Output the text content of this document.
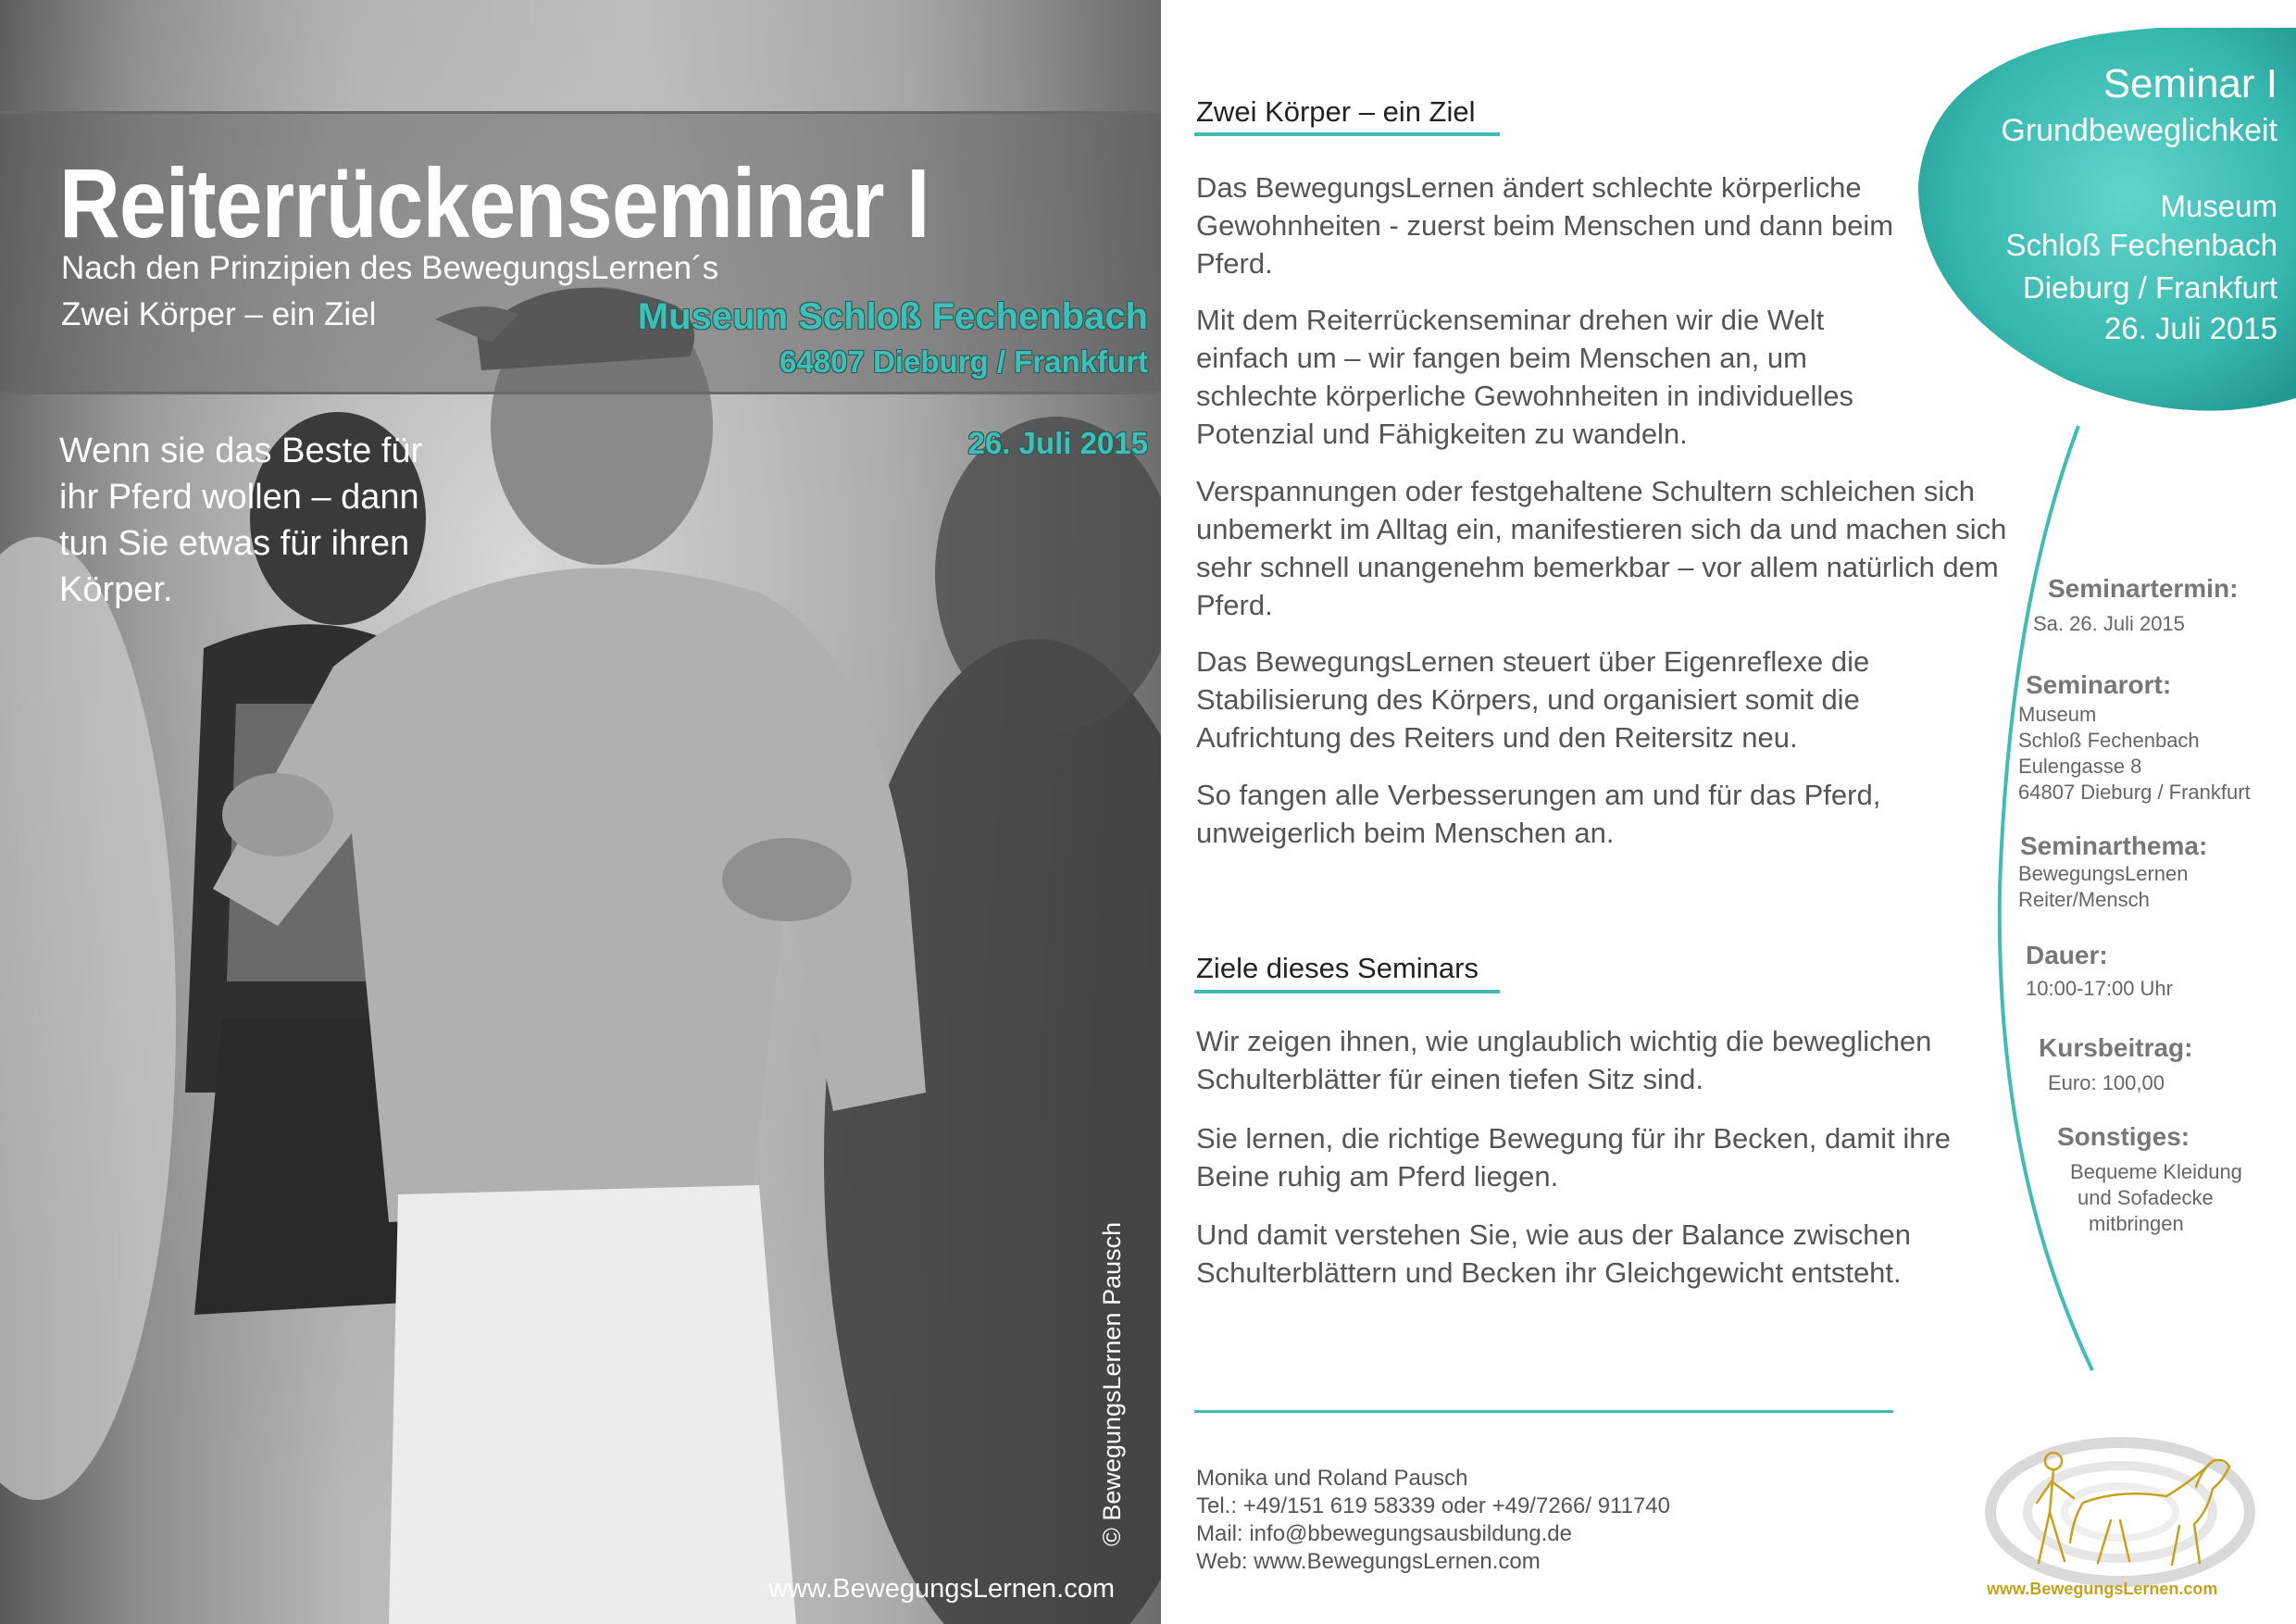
Reiterrückenseminar I
Nach den Prinzipien des BewegungsLernen´s
Zwei Körper – ein Ziel	Museum Schloß Fechenbach
64807 Dieburg / Frankfurt
26. Juli 2015
Wenn sie das Beste für ihr Pferd wollen – dann tun Sie etwas für ihren Körper.
© BewegungsLernen Pausch
www.BewegungsLernen.com
Zwei Körper – ein Ziel

Das BewegungsLernen ändert schlechte körperliche Gewohnheiten - zuerst beim Menschen und dann beim Pferd.

Mit dem Reiterrückenseminar drehen wir die Welt einfach um – wir fangen beim Menschen an, um schlechte körperliche Gewohnheiten in individuelles Potenzial und Fähigkeiten zu wandeln.

Verspannungen oder festgehaltene Schultern schleichen sich unbemerkt im Alltag ein, manifestieren sich da und machen sich sehr schnell unangenehm bemerkbar – vor allem natürlich dem Pferd.

Das BewegungsLernen steuert über Eigenreflexe die Stabilisierung des Körpers, und organisiert somit die Aufrichtung des Reiters und den Reitersitz neu.

So fangen alle Verbesserungen am und für das Pferd, unweigerlich beim Menschen an.

Ziele dieses Seminars

Wir zeigen ihnen, wie unglaublich wichtig die beweglichen Schulterblätter für einen tiefen Sitz sind.

Sie lernen, die richtige Bewegung für ihr Becken, damit ihre Beine ruhig am Pferd liegen.

Und damit verstehen Sie, wie aus der Balance zwischen Schulterblättern und Becken ihr Gleichgewicht entsteht.

Monika und Roland Pausch
Tel.: +49/151 619 58339 oder +49/7266/ 911740
Mail: info@bbewegungsausbildung.de
Web: www.BewegungsLernen.com
Seminar I
Grundbeweglichkeit
Museum
Schloß Fechenbach
Dieburg / Frankfurt
26. Juli 2015
Seminartermin:
Sa. 26. Juli 2015
Seminarort:
Museum
Schloß Fechenbach
Eulengasse 8
64807 Dieburg / Frankfurt
Seminarthema:
BewegungsLernen
Reiter/Mensch
Dauer:
10:00-17:00 Uhr
Kursbeitrag:
Euro: 100,00
Sonstiges:
Bequeme Kleidung
und Sofadecke
mitbringen
www.BewegungsLernen.com
